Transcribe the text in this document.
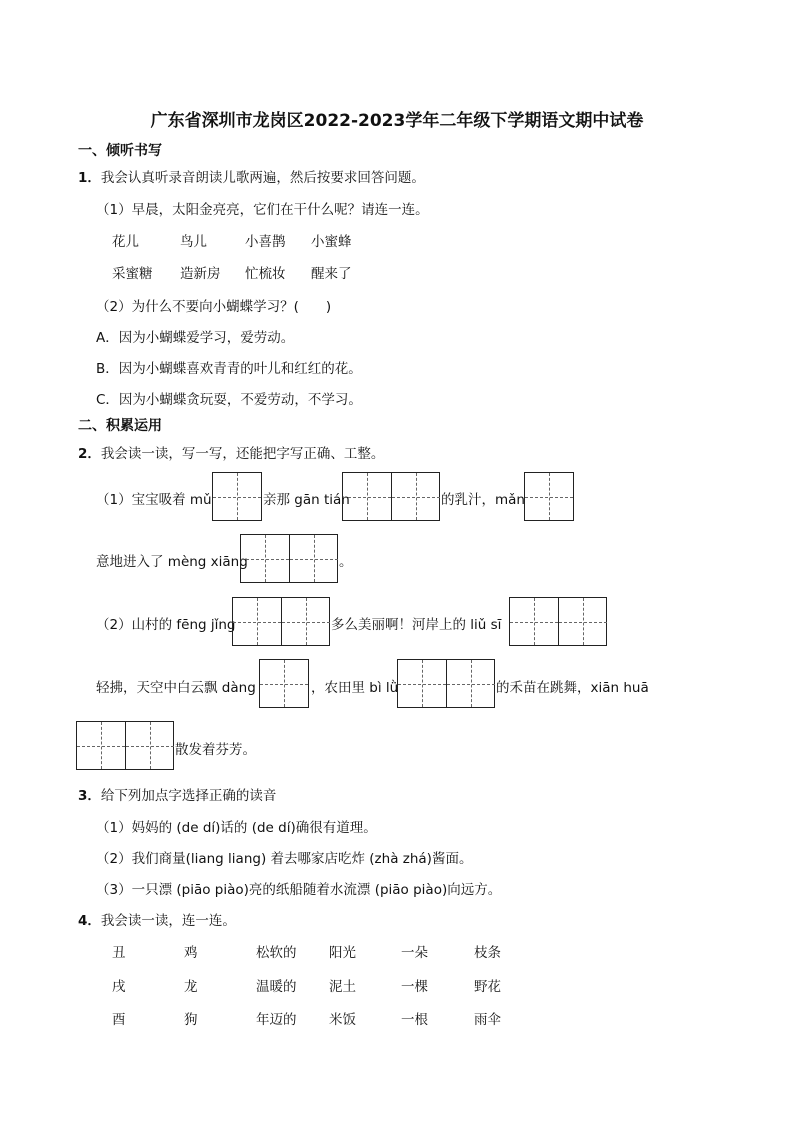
广东省深圳市龙岗区2022-2023学年二年级下学期语文期中试卷
一、倾听书写
1．我会认真听录音朗读儿歌两遍，然后按要求回答问题。
（1）早晨，太阳金亮亮，它们在干什么呢？请连一连。
花儿	鸟儿	小喜鹊 小蜜蜂
采蜜糖 造新房 忙梳妆 醒来了
（2）为什么不要向小蝴蝶学习？(　　)
A．因为小蝴蝶爱学习，爱劳动。
B．因为小蝴蝶喜欢青青的叶儿和红红的花。
C．因为小蝴蝶贪玩耍，不爱劳动，不学习。
二、积累运用
2．我会读一读，写一写，还能把字写正确、工整。
（1）宝宝吸着 mǔ	亲那 gān tián	的乳汁，mǎn
意地进入了 mèng xiāng	。
（2）山村的 fēng jǐng	多么美丽啊！河岸上的 liǔ sī
轻拂，天空中白云飘 dàng	，农田里 bì lǜ	的禾苗在跳舞，xiān huā
散发着芬芳。
3．给下列加点字选择正确的读音
（1）妈妈的 (de dí)话的 (de dí)确很有道理。
（2）我们商量(liang liang) 着去哪家店吃炸 (zhà zhá)酱面。
（3）一只漂 (piāo piào)亮的纸船随着水流漂 (piāo piào)向远方。
4．我会读一读，连一连。
丑	鸡	松软的 阳光	一朵	枝条
戌	龙	温暖的 泥土	一棵	野花
酉	狗	年迈的 米饭	一根	雨伞
